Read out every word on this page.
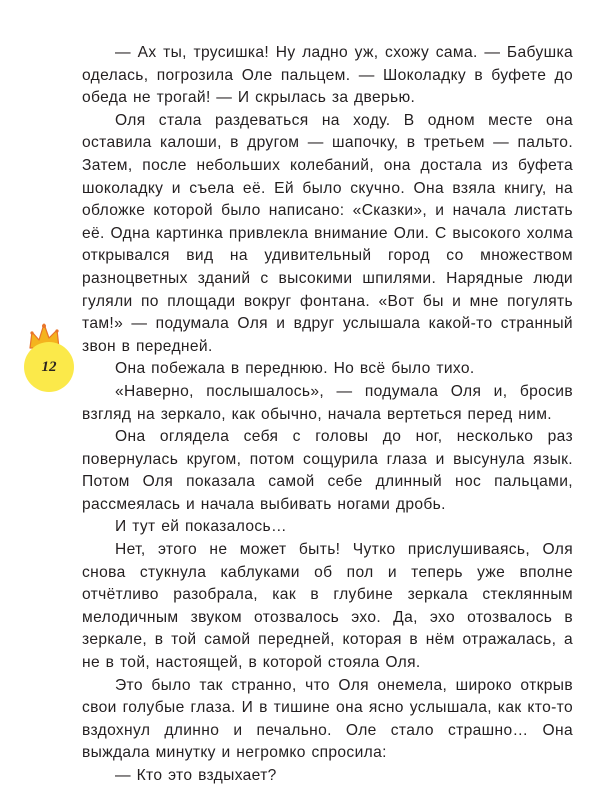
12

— Ах ты, трусишка! Ну ладно уж, схожу сама. — Бабушка оделась, погрозила Оле пальцем. — Шоколадку в буфете до обеда не трогай! — И скрылась за дверью.

Оля стала раздеваться на ходу. В одном месте она оставила калоши, в другом — шапочку, в третьем — пальто. Затем, после небольших колебаний, она достала из буфета шоколадку и съела её. Ей было скучно. Она взяла книгу, на обложке которой было написано: «Сказки», и начала листать её. Одна картинка привлекла внимание Оли. С высокого холма открывался вид на удивительный город со множеством разноцветных зданий с высокими шпилями. Нарядные люди гуляли по площади вокруг фонтана. «Вот бы и мне погулять там!» — подумала Оля и вдруг услышала какой-то странный звон в передней.

Она побежала в переднюю. Но всё было тихо.

«Наверно, послышалось», — подумала Оля и, бросив взгляд на зеркало, как обычно, начала вертеться перед ним.

Она оглядела себя с головы до ног, несколько раз повернулась кругом, потом сощурила глаза и высунула язык. Потом Оля показала самой себе длинный нос пальцами, рассмеялась и начала выбивать ногами дробь.

И тут ей показалось…

Нет, этого не может быть! Чутко прислушиваясь, Оля снова стукнула каблуками об пол и теперь уже вполне отчётливо разобрала, как в глубине зеркала стеклянным мелодичным звуком отозвалось эхо. Да, эхо отозвалось в зеркале, в той самой передней, которая в нём отражалась, а не в той, настоящей, в которой стояла Оля.

Это было так странно, что Оля онемела, широко открыв свои голубые глаза. И в тишине она ясно услышала, как кто-то вздохнул длинно и печально. Оле стало страшно… Она выждала минутку и негромко спросила:

— Кто это вздыхает?
